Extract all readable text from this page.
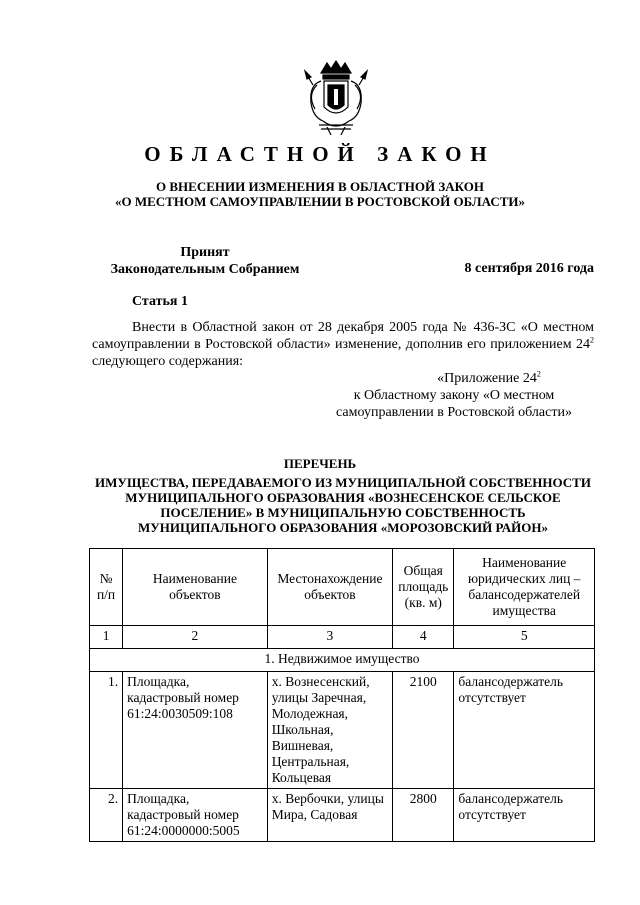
ОБЛАСТНОЙ ЗАКОН
О ВНЕСЕНИИ ИЗМЕНЕНИЯ В ОБЛАСТНОЙ ЗАКОН
«О МЕСТНОМ САМОУПРАВЛЕНИИ В РОСТОВСКОЙ ОБЛАСТИ»
Принят
Законодательным Собранием	8 сентября 2016 года
Статья 1

Внести в Областной закон от 28 декабря 2005 года № 436-ЗС «О местном самоуправлении в Ростовской области» изменение, дополнив его приложением $24^2$ следующего содержания:

«Приложение $24^2$
к Областному закону «О местном
самоуправлении в Ростовской области»
ПЕРЕЧЕНЬ
ИМУЩЕСТВА, ПЕРЕДАВАЕМОГО ИЗ МУНИЦИПАЛЬНОЙ СОБСТВЕННОСТИ
МУНИЦИПАЛЬНОГО ОБРАЗОВАНИЯ «ВОЗНЕСЕНСКОЕ СЕЛЬСКОЕ
ПОСЕЛЕНИЕ» В МУНИЦИПАЛЬНУЮ СОБСТВЕННОСТЬ
МУНИЦИПАЛЬНОГО ОБРАЗОВАНИЯ «МОРОЗОВСКИЙ РАЙОН»
№ п/п	Наименование объектов	Местонахождение объектов	Общая площадь (кв. м)	Наименование юридических лиц – балансодержателей имущества
1	2	3	4	5
1. Недвижимое имущество				
1.	Площадка, кадастровый номер 61:24:0030509:108	х. Вознесенский, улицы Заречная, Молодежная, Школьная, Вишневая, Центральная, Кольцевая	2100	балансодержатель отсутствует
2.	Площадка, кадастровый номер 61:24:0000000:5005	х. Вербочки, улицы Мира, Садовая	2800	балансодержатель отсутствует
